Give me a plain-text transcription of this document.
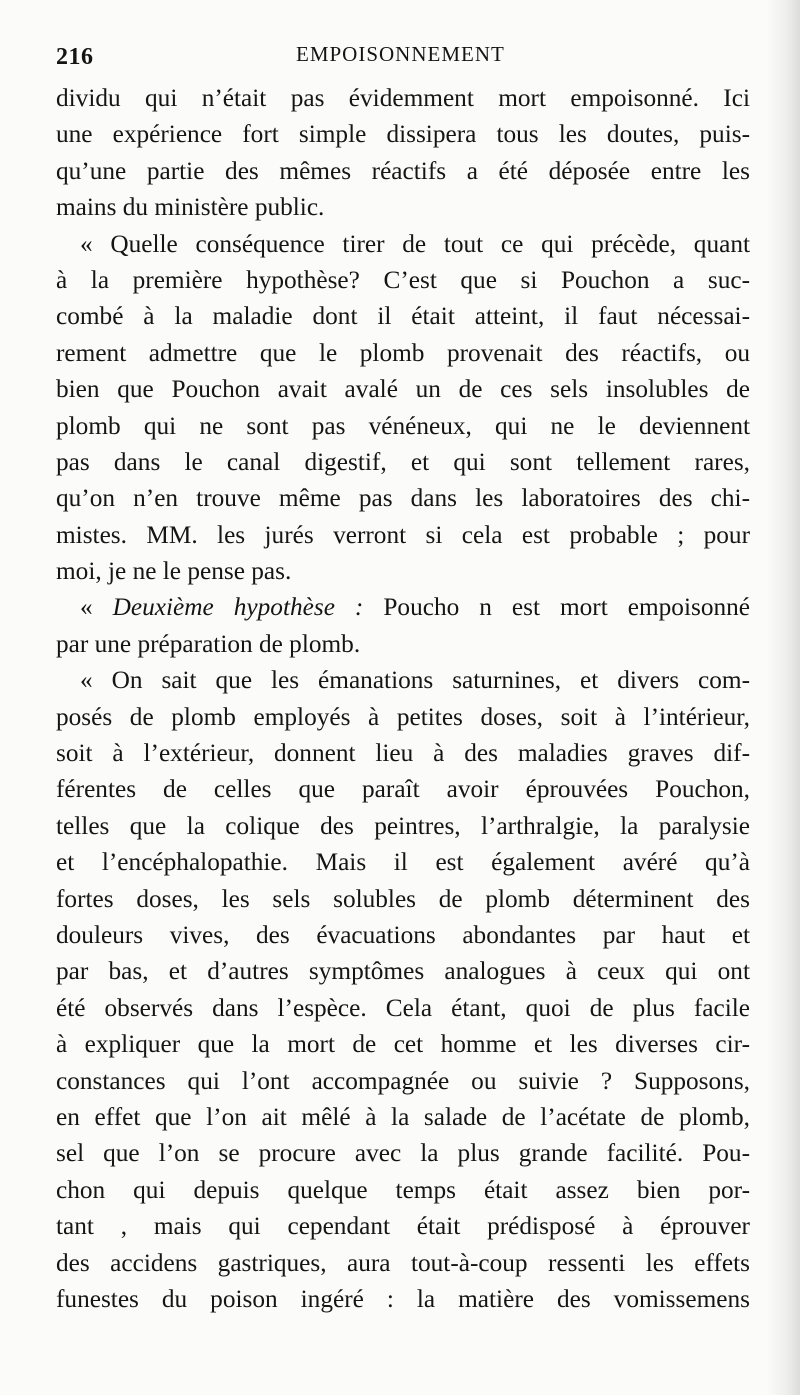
216	EMPOISONNEMENT
dividu qui n’était pas évidemment mort empoisonné. Ici
une expérience fort simple dissipera tous les doutes, puis-
qu’une partie des mêmes réactifs a été déposée entre les
mains du ministère public.
« Quelle conséquence tirer de tout ce qui précède, quant
à la première hypothèse? C’est que si Pouchon a suc-
combé à la maladie dont il était atteint, il faut nécessai-
rement admettre que le plomb provenait des réactifs, ou
bien que Pouchon avait avalé un de ces sels insolubles de
plomb qui ne sont pas vénéneux, qui ne le deviennent
pas dans le canal digestif, et qui sont tellement rares,
qu’on n’en trouve même pas dans les laboratoires des chi-
mistes. MM. les jurés verront si cela est probable ; pour
moi, je ne le pense pas.
« Deuxième hypothèse : Poucho n est mort empoisonné
par une préparation de plomb.
« On sait que les émanations saturnines, et divers com-
posés de plomb employés à petites doses, soit à l’intérieur,
soit à l’extérieur, donnent lieu à des maladies graves dif-
férentes de celles que paraît avoir éprouvées Pouchon,
telles que la colique des peintres, l’arthralgie, la paralysie
et l’encéphalopathie. Mais il est également avéré qu’à
fortes doses, les sels solubles de plomb déterminent des
douleurs vives, des évacuations abondantes par haut et
par bas, et d’autres symptômes analogues à ceux qui ont
été observés dans l’espèce. Cela étant, quoi de plus facile
à expliquer que la mort de cet homme et les diverses cir-
constances qui l’ont accompagnée ou suivie ? Supposons,
en effet que l’on ait mêlé à la salade de l’acétate de plomb,
sel que l’on se procure avec la plus grande facilité. Pou-
chon qui depuis quelque temps était assez bien por-
tant , mais qui cependant était prédisposé à éprouver
des accidens gastriques, aura tout-à-coup ressenti les effets
funestes du poison ingéré : la matière des vomissemens
